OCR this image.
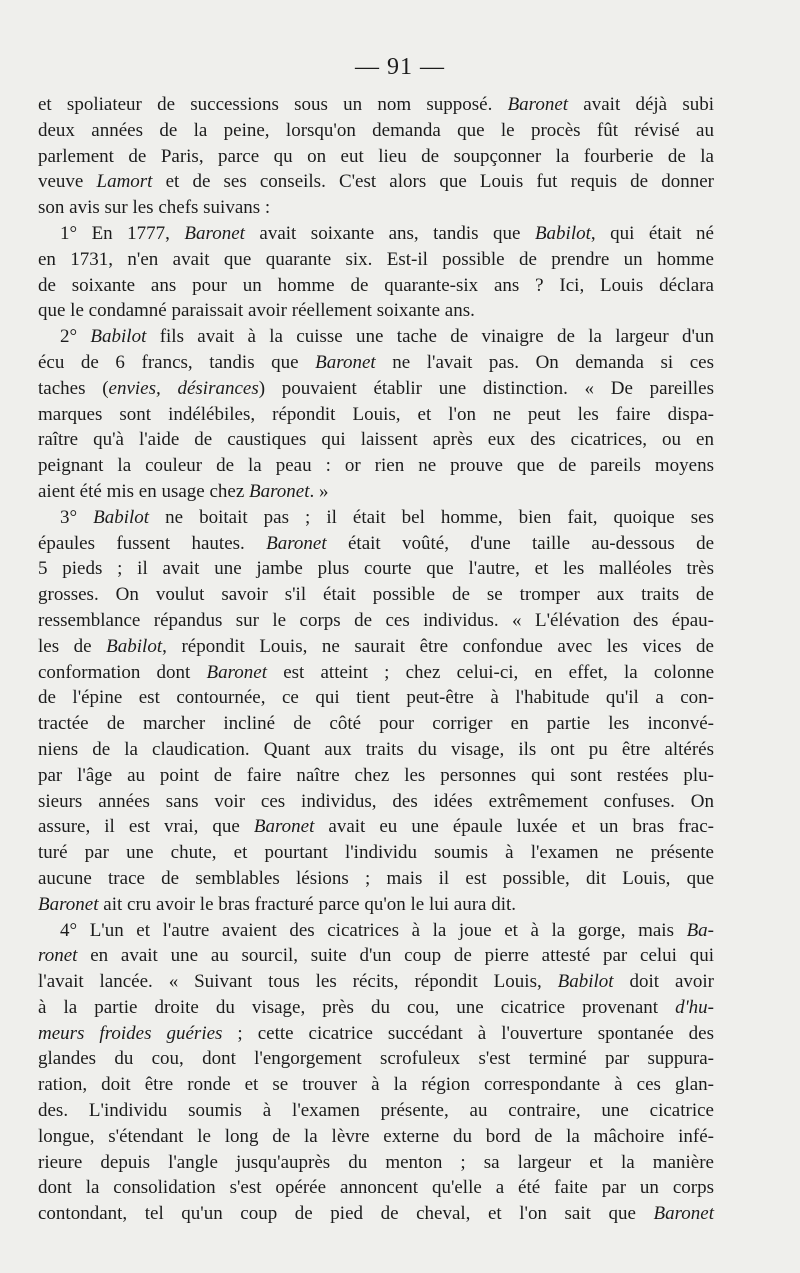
— 91 —
et spoliateur de successions sous un nom supposé. Baronet avait déjà subi
deux années de la peine, lorsqu'on demanda que le procès fût révisé au
parlement de Paris, parce qu on eut lieu de soupçonner la fourberie de la
veuve Lamort et de ses conseils. C'est alors que Louis fut requis de donner
son avis sur les chefs suivans :
1° En 1777, Baronet avait soixante ans, tandis que Babilot, qui était né
en 1731, n'en avait que quarante six. Est-il possible de prendre un homme
de soixante ans pour un homme de quarante-six ans ? Ici, Louis déclara
que le condamné paraissait avoir réellement soixante ans.
2° Babilot fils avait à la cuisse une tache de vinaigre de la largeur d'un
écu de 6 francs, tandis que Baronet ne l'avait pas. On demanda si ces
taches (envies, désirances) pouvaient établir une distinction. « De pareilles
marques sont indélébiles, répondit Louis, et l'on ne peut les faire dispa-
raître qu'à l'aide de caustiques qui laissent après eux des cicatrices, ou en
peignant la couleur de la peau : or rien ne prouve que de pareils moyens
aient été mis en usage chez Baronet. »
3° Babilot ne boitait pas ; il était bel homme, bien fait, quoique ses
épaules fussent hautes. Baronet était voûté, d'une taille au-dessous de
5 pieds ; il avait une jambe plus courte que l'autre, et les malléoles très
grosses. On voulut savoir s'il était possible de se tromper aux traits de
ressemblance répandus sur le corps de ces individus. « L'élévation des épau-
les de Babilot, répondit Louis, ne saurait être confondue avec les vices de
conformation dont Baronet est atteint ; chez celui-ci, en effet, la colonne
de l'épine est contournée, ce qui tient peut-être à l'habitude qu'il a con-
tractée de marcher incliné de côté pour corriger en partie les inconvé-
niens de la claudication. Quant aux traits du visage, ils ont pu être altérés
par l'âge au point de faire naître chez les personnes qui sont restées plu-
sieurs années sans voir ces individus, des idées extrêmement confuses. On
assure, il est vrai, que Baronet avait eu une épaule luxée et un bras frac-
turé par une chute, et pourtant l'individu soumis à l'examen ne présente
aucune trace de semblables lésions ; mais il est possible, dit Louis, que
Baronet ait cru avoir le bras fracturé parce qu'on le lui aura dit.
4° L'un et l'autre avaient des cicatrices à la joue et à la gorge, mais Ba-
ronet en avait une au sourcil, suite d'un coup de pierre attesté par celui qui
l'avait lancée. « Suivant tous les récits, répondit Louis, Babilot doit avoir
à la partie droite du visage, près du cou, une cicatrice provenant d'hu-
meurs froides guéries ; cette cicatrice succédant à l'ouverture spontanée des
glandes du cou, dont l'engorgement scrofuleux s'est terminé par suppura-
ration, doit être ronde et se trouver à la région correspondante à ces glan-
des. L'individu soumis à l'examen présente, au contraire, une cicatrice
longue, s'étendant le long de la lèvre externe du bord de la mâchoire infé-
rieure depuis l'angle jusqu'auprès du menton ; sa largeur et la manière
dont la consolidation s'est opérée annoncent qu'elle a été faite par un corps
contondant, tel qu'un coup de pied de cheval, et l'on sait que Baronet
